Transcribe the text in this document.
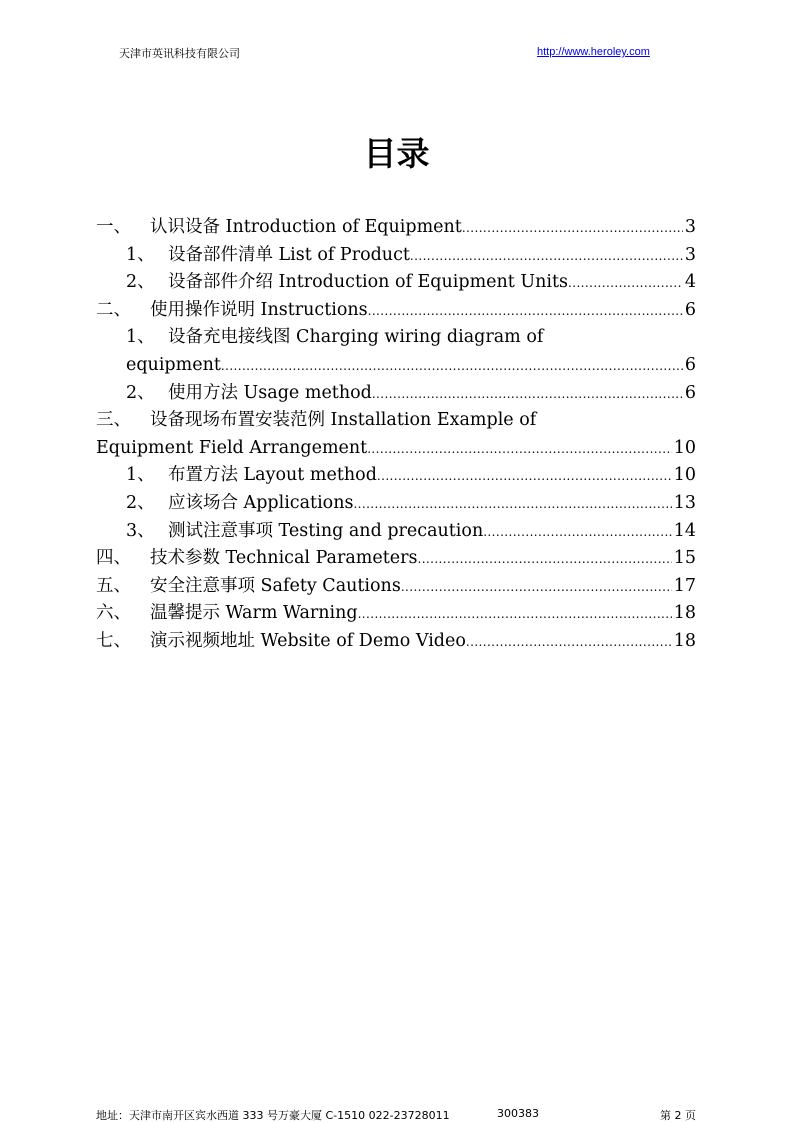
天津市英讯科技有限公司	http://www.heroley.com
目录
一、	认识设备 Introduction of Equipment .....	3
1、 设备部件清单 List of Product .....	3
2、 设备部件介绍 Introduction of Equipment Units .....	4
二、	使用操作说明 Instructions .....	6
1、 设备充电接线图 Charging wiring diagram of
equipment .....	6
2、 使用方法 Usage method .....	6
三、	设备现场布置安装范例 Installation Example of
Equipment Field Arrangement .....	10
1、 布置方法 Layout method .....	10
2、 应该场合 Applications .....	13
3、 测试注意事项 Testing and precaution .....	14
四、	技术参数 Technical Parameters .....	15
五、	安全注意事项 Safety Cautions .....	17
六、	温馨提示 Warm Warning .....	18
七、	演示视频地址 Website of Demo Video .....	18
地址：天津市南开区宾水西道 333 号万豪大厦 C-1510 022-23728011	300383	第 2 页
